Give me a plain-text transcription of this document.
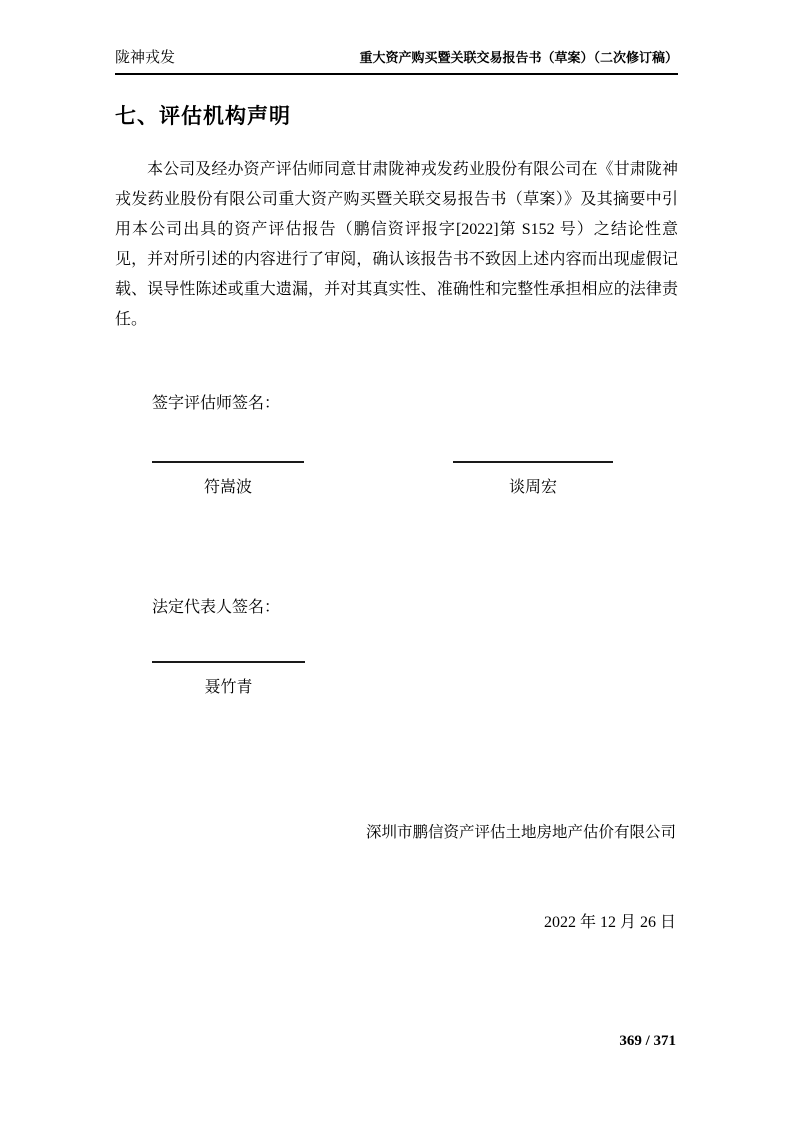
陇神戎发	重大资产购买暨关联交易报告书（草案）（二次修订稿）
七、评估机构声明

本公司及经办资产评估师同意甘肃陇神戎发药业股份有限公司在《甘肃陇神戎发药业股份有限公司重大资产购买暨关联交易报告书（草案）》及其摘要中引用本公司出具的资产评估报告（鹏信资评报字[2022]第 S152 号）之结论性意见，并对所引述的内容进行了审阅，确认该报告书不致因上述内容而出现虚假记载、误导性陈述或重大遗漏，并对其真实性、准确性和完整性承担相应的法律责任。

签字评估师签名：
符嵩波	谈周宏
法定代表人签名：
聂竹青
深圳市鹏信资产评估土地房地产估价有限公司
2022 年 12 月 26 日
369 / 371
